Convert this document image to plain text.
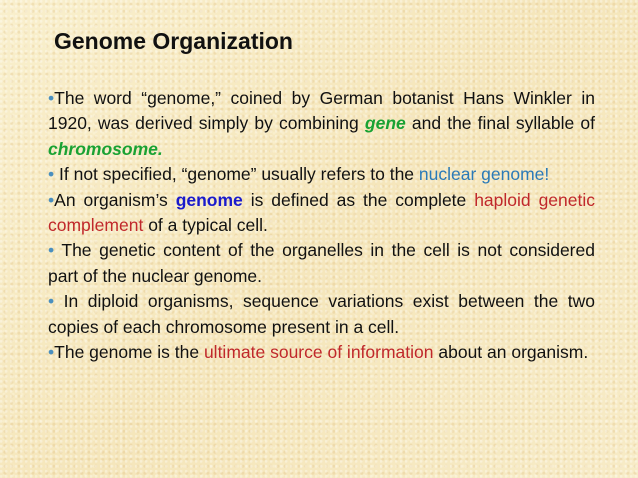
Genome Organization

•The word “genome,” coined by German botanist Hans Winkler in 1920, was derived simply by combining gene and the final syllable of chromosome.

• If not specified, “genome” usually refers to the nuclear genome!

•An organism’s genome is defined as the complete haploid genetic complement of a typical cell.

• The genetic content of the organelles in the cell is not considered part of the nuclear genome.

• In diploid organisms, sequence variations exist between the two copies of each chromosome present in a cell.

•The genome is the ultimate source of information about an organism.
